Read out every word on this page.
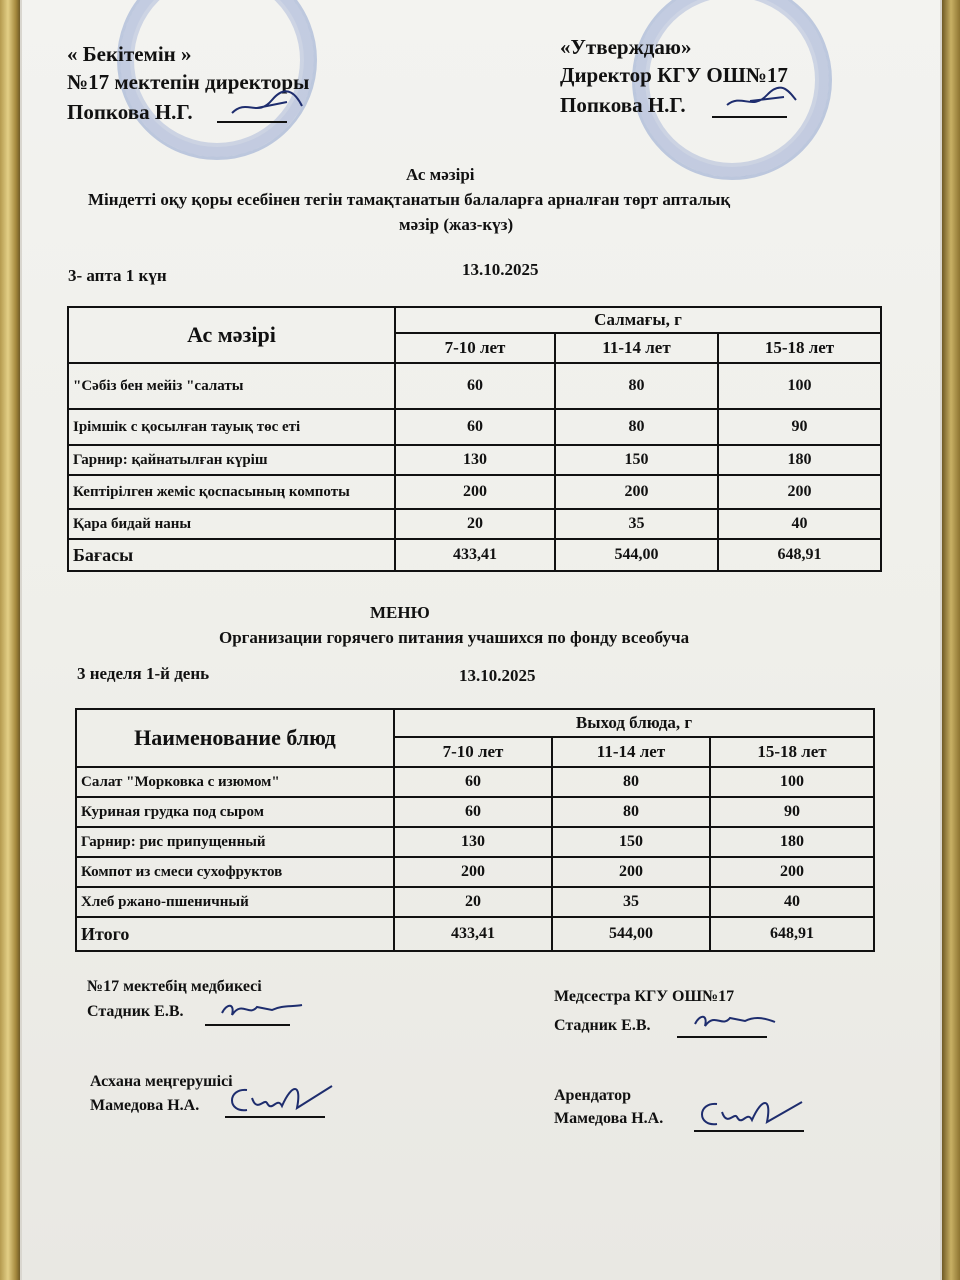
« Бекітемін »
№17 мектепін директоры
Попкова Н.Г.
«Утверждаю»
Директор КГУ ОШ№17
Попкова Н.Г.
Ас мәзірі
Міндетті оқу қоры есебінен тегін тамақтанатын балаларға арналған төрт апталық
мәзір (жаз-күз)
3- апта 1 күн	13.10.2025
Ас мәзірі	Салмағы, г		
	7-10 лет	11-14 лет	15-18 лет
"Сәбіз бен мейіз "салаты	60	80	100
Ірімшік с қосылған тауық төс еті	60	80	90
Гарнир: қайнатылған күріш	130	150	180
Кептірілген жеміс қоспасының компоты	200	200	200
Қара бидай наны	20	35	40
Бағасы	433,41	544,00	648,91
МЕНЮ
Организации горячего питания учашихся по фонду всеобуча
3 неделя 1-й день	13.10.2025
Наименование блюд	Выход блюда, г		
	7-10 лет	11-14 лет	15-18 лет
Салат "Морковка с изюмом"	60	80	100
Куриная грудка под сыром	60	80	90
Гарнир: рис припущенный	130	150	180
Компот из смеси сухофруктов	200	200	200
Хлеб ржано-пшеничный	20	35	40
Итого	433,41	544,00	648,91
№17 мектебің медбикесі
Стадник Е.В.
Медсестра КГУ ОШ№17
Стадник Е.В.
Асхана меңгерушісі
Мамедова Н.А.
Арендатор
Мамедова Н.А.
